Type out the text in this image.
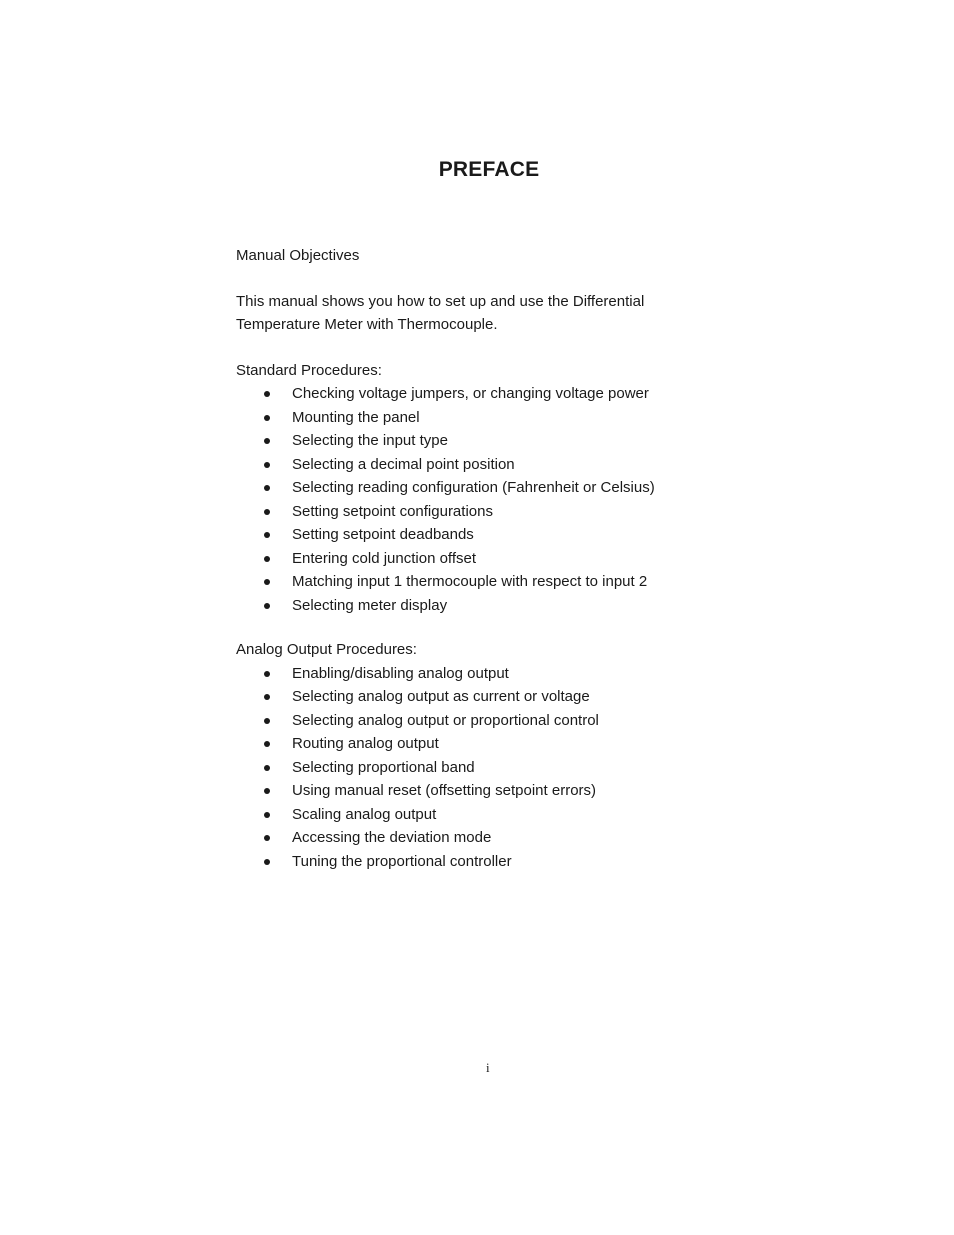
PREFACE

Manual Objectives

This manual shows you how to set up and use the Differential
Temperature Meter with Thermocouple.

Standard Procedures:

Checking voltage jumpers, or changing voltage power
Mounting the panel
Selecting the input type
Selecting a decimal point position
Selecting reading configuration (Fahrenheit or Celsius)
Setting setpoint configurations
Setting setpoint deadbands
Entering cold junction offset
Matching input 1 thermocouple with respect to input 2
Selecting meter display

Analog Output Procedures:

Enabling/disabling analog output
Selecting analog output as current or voltage
Selecting analog output or proportional control
Routing analog output
Selecting proportional band
Using manual reset (offsetting setpoint errors)
Scaling analog output
Accessing the deviation mode
Tuning the proportional controller
i
